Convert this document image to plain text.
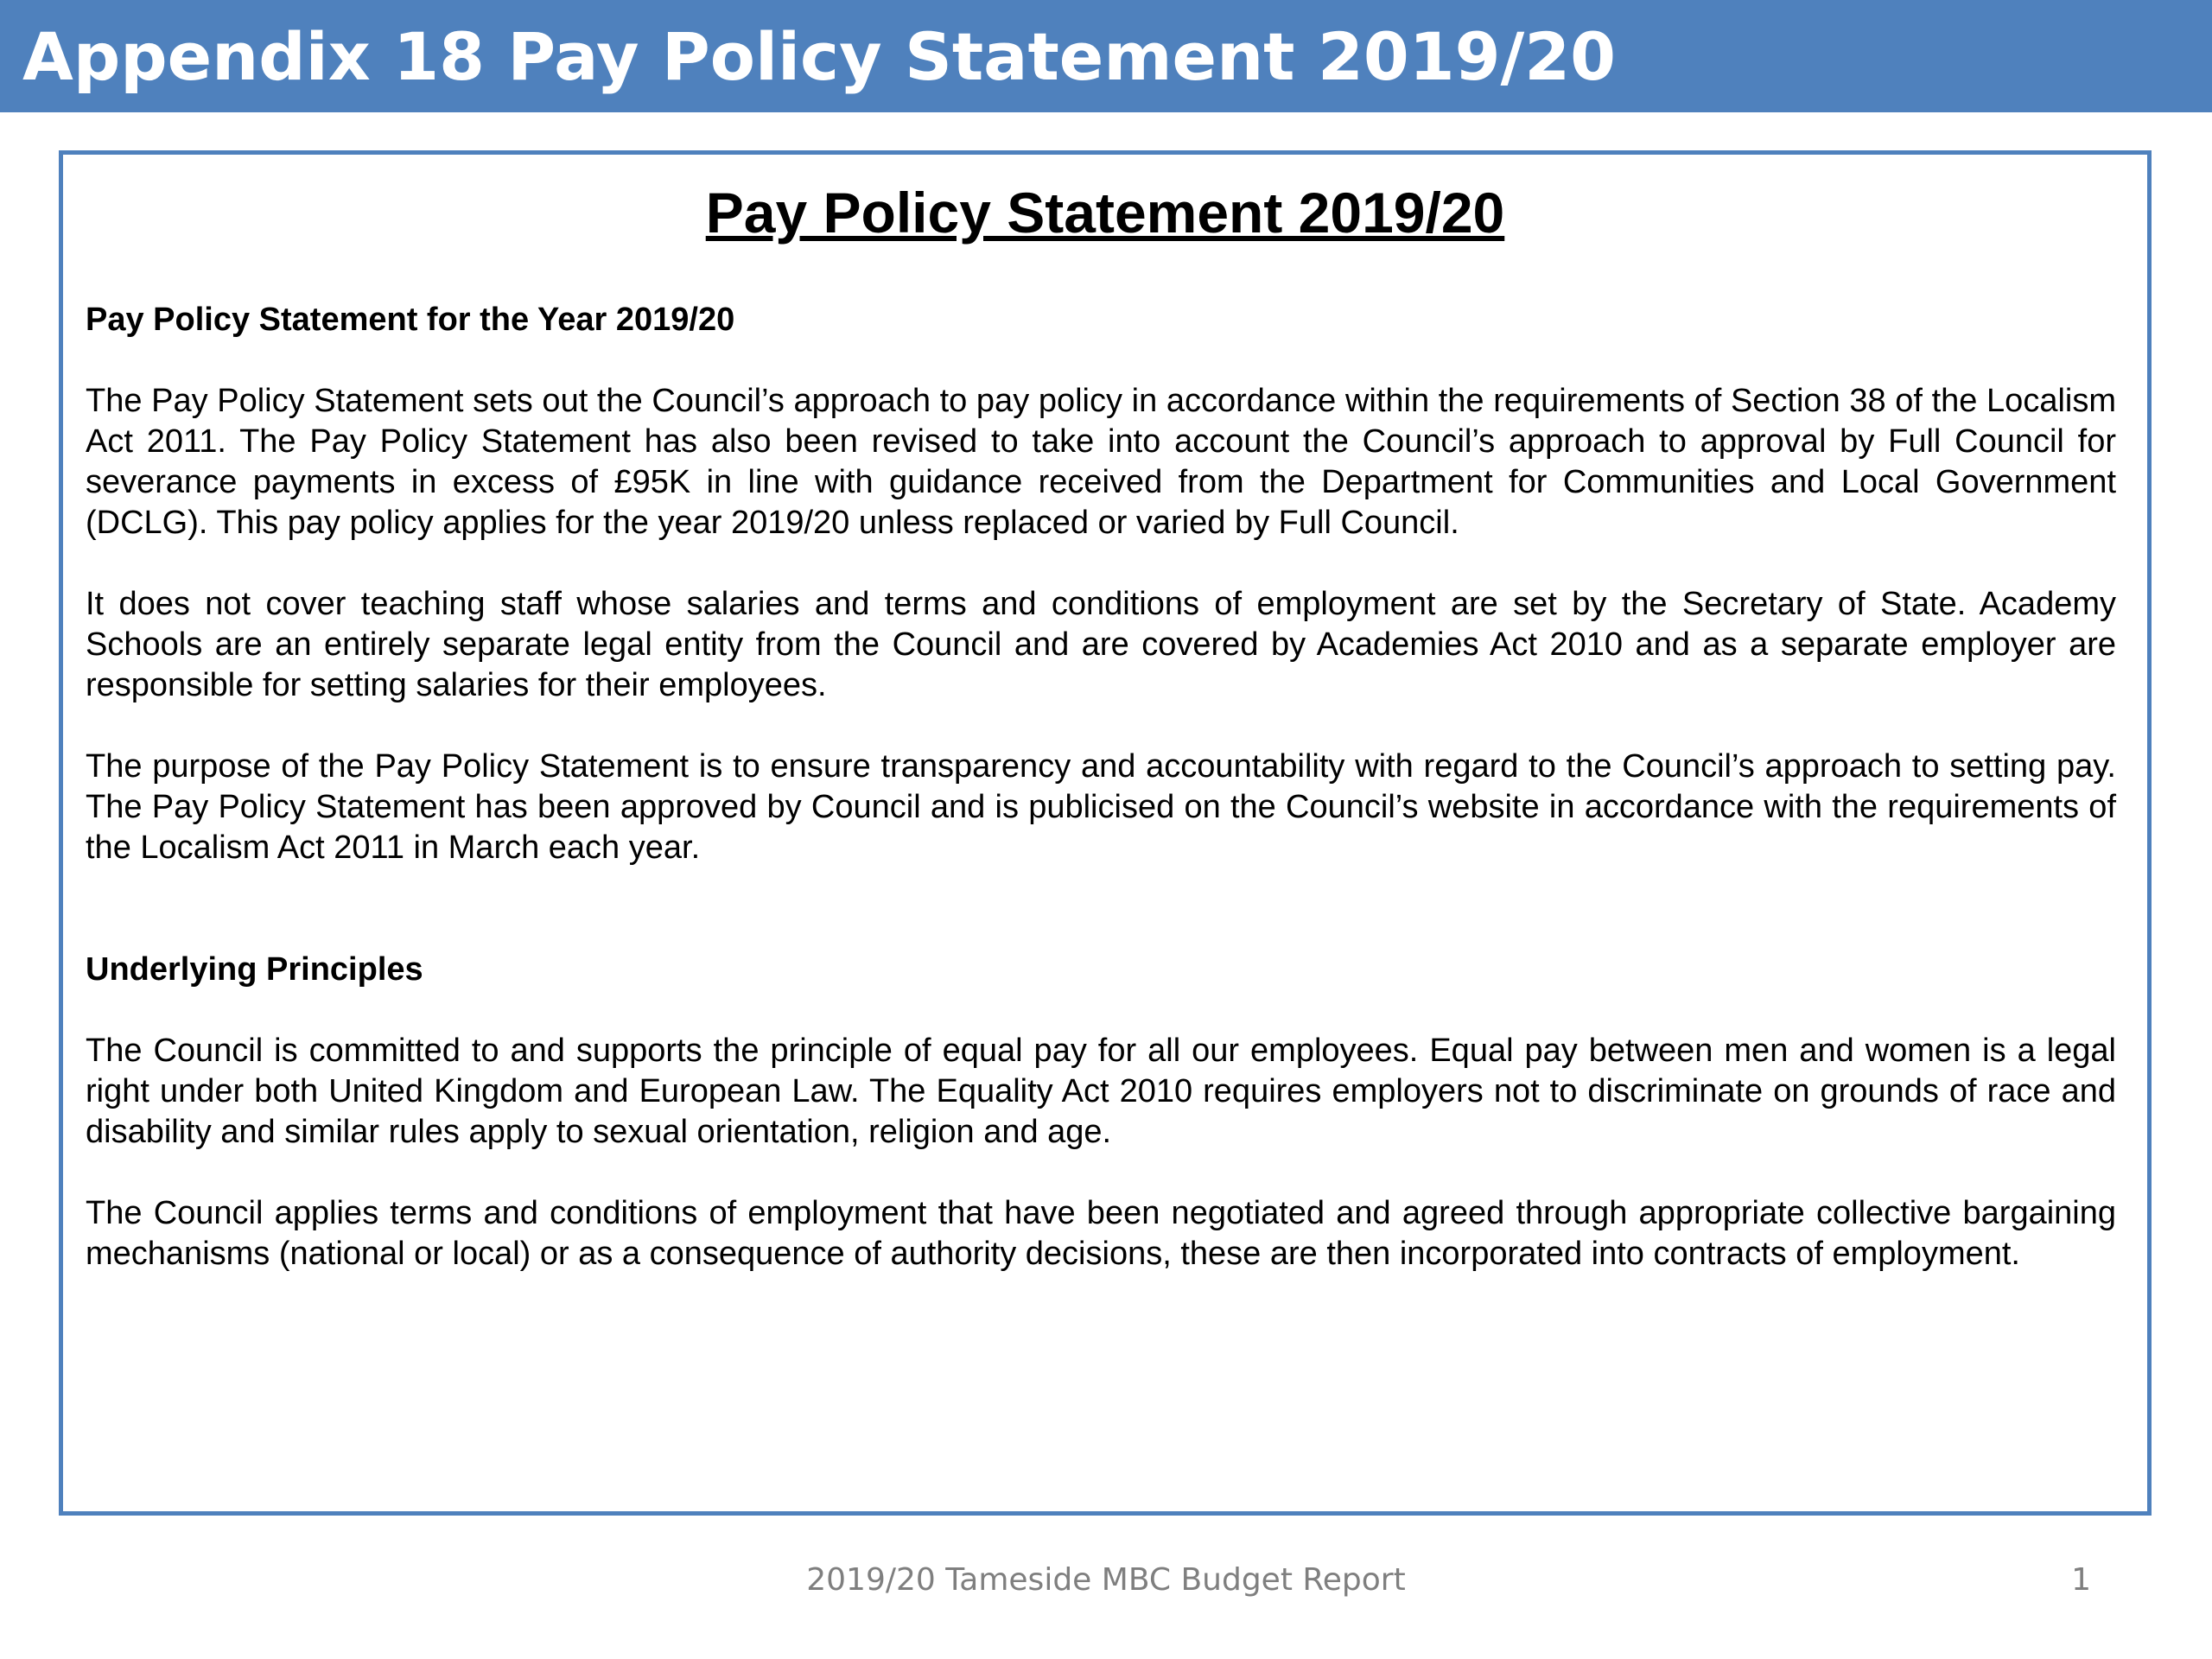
Appendix 18 Pay Policy Statement 2019/20
Pay Policy Statement 2019/20

Pay Policy Statement for the Year 2019/20

The Pay Policy Statement sets out the Council’s approach to pay policy in accordance within the requirements of Section 38 of the Localism Act 2011. The Pay Policy Statement has also been revised to take into account the Council’s approach to approval by Full Council for severance payments in excess of £95K in line with guidance received from the Department for Communities and Local Government (DCLG). This pay policy applies for the year 2019/20 unless replaced or varied by Full Council.

It does not cover teaching staff whose salaries and terms and conditions of employment are set by the Secretary of State. Academy Schools are an entirely separate legal entity from the Council and are covered by Academies Act 2010 and as a separate employer are responsible for setting salaries for their employees.

The purpose of the Pay Policy Statement is to ensure transparency and accountability with regard to the Council’s approach to setting pay. The Pay Policy Statement has been approved by Council and is publicised on the Council’s website in accordance with the requirements of the Localism Act 2011 in March each year.

Underlying Principles

The Council is committed to and supports the principle of equal pay for all our employees. Equal pay between men and women is a legal right under both United Kingdom and European Law. The Equality Act 2010 requires employers not to discriminate on grounds of race and disability and similar rules apply to sexual orientation, religion and age.

The Council applies terms and conditions of employment that have been negotiated and agreed through appropriate collective bargaining mechanisms (national or local) or as a consequence of authority decisions, these are then incorporated into contracts of employment.

2019/20 Tameside MBC Budget Report	1
